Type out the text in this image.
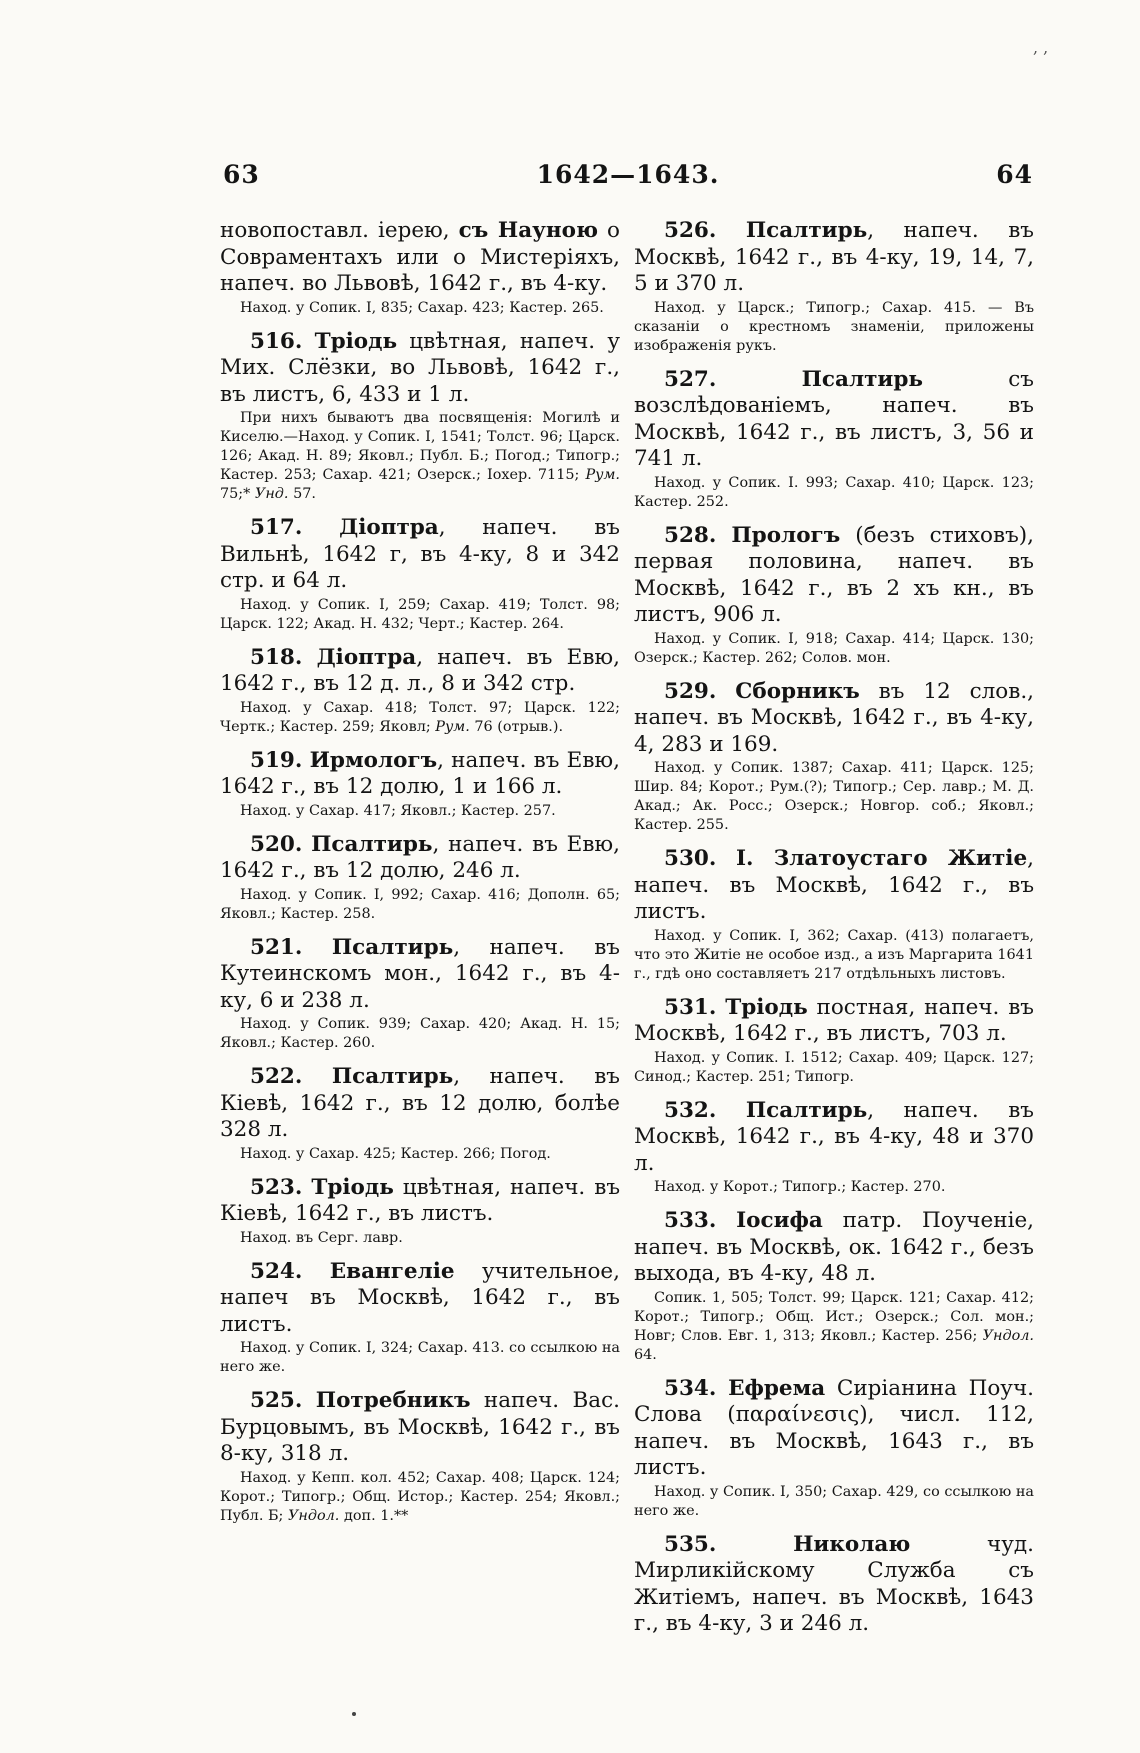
, ,
1642—1643.
63	64

новопоставл. іерею, съ Науною о Совраментахъ или о Мистеріяхъ, напеч. во Львовѣ, 1642 г., въ 4-ку.

Наход. у Сопик. I, 835; Сахар. 423; Кастер. 265.

516. Тріодь цвѣтная, напеч. у Мих. Слёзки, во Львовѣ, 1642 г., въ листъ, 6, 433 и 1 л.

При нихъ бываютъ два посвященія: Могилѣ и Киселю.—Наход. у Сопик. I, 1541; Толст. 96; Царск. 126; Акад. Н. 89; Яковл.; Публ. Б.; Погод.; Типогр.; Кастер. 253; Сахар. 421; Озерск.; Іохер. 7115; Рум. 75;* Унд. 57.

517. Діоптра, напеч. въ Вильнѣ, 1642 г, въ 4-ку, 8 и 342 стр. и 64 л.

Наход. у Сопик. I, 259; Сахар. 419; Толст. 98; Царск. 122; Акад. Н. 432; Черт.; Кастер. 264.

518. Діоптра, напеч. въ Евю, 1642 г., въ 12 д. л., 8 и 342 стр.

Наход. у Сахар. 418; Толст. 97; Царск. 122; Чертк.; Кастер. 259; Яковл; Рум. 76 (отрыв.).

519. Ирмологъ, напеч. въ Евю, 1642 г., въ 12 долю, 1 и 166 л.

Наход. у Сахар. 417; Яковл.; Кастер. 257.

520. Псалтирь, напеч. въ Евю, 1642 г., въ 12 долю, 246 л.

Наход. у Сопик. I, 992; Сахар. 416; Дополн. 65; Яковл.; Кастер. 258.

521. Псалтирь, напеч. въ Кутеинскомъ мон., 1642 г., въ 4-ку, 6 и 238 л.

Наход. у Сопик. 939; Сахар. 420; Акад. Н. 15; Яковл.; Кастер. 260.

522. Псалтирь, напеч. въ Кіевѣ, 1642 г., въ 12 долю, болѣе 328 л.

Наход. у Сахар. 425; Кастер. 266; Погод.

523. Тріодь цвѣтная, напеч. въ Кіевѣ, 1642 г., въ листъ.

Наход. въ Серг. лавр.

524. Евангеліе учительное, напеч въ Москвѣ, 1642 г., въ листъ.

Наход. у Сопик. I, 324; Сахар. 413. со ссылкою на него же.

525. Потребникъ напеч. Вас. Бурцовымъ, въ Москвѣ, 1642 г., въ 8-ку, 318 л.

Наход. у Кепп. кол. 452; Сахар. 408; Царск. 124; Корот.; Типогр.; Общ. Истор.; Кастер. 254; Яковл.; Публ. Б; Ундол. доп. 1.**

526. Псалтирь, напеч. въ Москвѣ, 1642 г., въ 4-ку, 19, 14, 7, 5 и 370 л.

Наход. у Царск.; Типогр.; Сахар. 415. — Въ сказаніи о крестномъ знаменіи, приложены изображенія рукъ.

527.	Псалтирь съ возслѣдованіемъ, напеч. въ Москвѣ, 1642 г., въ листъ, 3, 56 и 741 л.

Наход. у Сопик. I. 993; Сахар. 410; Царск. 123; Кастер. 252.

528. Прологъ (безъ стиховъ), первая половина, напеч. въ Москвѣ, 1642 г., въ 2 хъ кн., въ листъ, 906 л.

Наход. у Сопик. I, 918; Сахар. 414; Царск. 130; Озерск.; Кастер. 262; Солов. мон.

529. Сборникъ въ 12 слов., напеч. въ Москвѣ, 1642 г., въ 4-ку, 4, 283 и 169.

Наход. у Сопик. 1387; Сахар. 411; Царск. 125; Шир. 84; Корот.; Рум.(?); Типогр.; Сер. лавр.; М. Д. Акад.; Ак. Росс.; Озерск.; Новгор. соб.; Яковл.; Кастер. 255.

530. I. Златоустаго Житіе, напеч. въ Москвѣ, 1642 г., въ листъ.

Наход. у Сопик. I, 362; Сахар. (413) полагаетъ, что это Житіе не особое изд., а изъ Маргарита 1641 г., гдѣ оно составляетъ 217 отдѣльныхъ листовъ.

531. Тріодь постная, напеч. въ Москвѣ, 1642 г., въ листъ, 703 л.

Наход. у Сопик. I. 1512; Сахар. 409; Царск. 127; Синод.; Кастер. 251; Типогр.

532. Псалтирь, напеч. въ Москвѣ, 1642 г., въ 4-ку, 48 и 370 л.

Наход. у Корот.; Типогр.; Кастер. 270.

533. Іосифа патр. Поученіе, напеч. въ Москвѣ, ок. 1642 г., безъ выхода, въ 4-ку, 48 л.

Сопик. 1, 505; Толст. 99; Царск. 121; Сахар. 412; Корот.; Типогр.; Общ. Ист.; Озерск.; Сол. мон.; Новг; Слов. Евг. 1, 313; Яковл.; Кастер. 256; Ундол. 64.

534. Ефрема Сиріанина Поуч. Слова (παραίνεσις), числ. 112, напеч. въ Москвѣ, 1643 г., въ листъ.

Наход. у Сопик. I, 350; Сахар. 429, со ссылкою на него же.

535.	Николаю чуд. Мирликійскому Служба съ Житіемъ, напеч. въ Москвѣ, 1643 г., въ 4-ку, 3 и 246 л.
